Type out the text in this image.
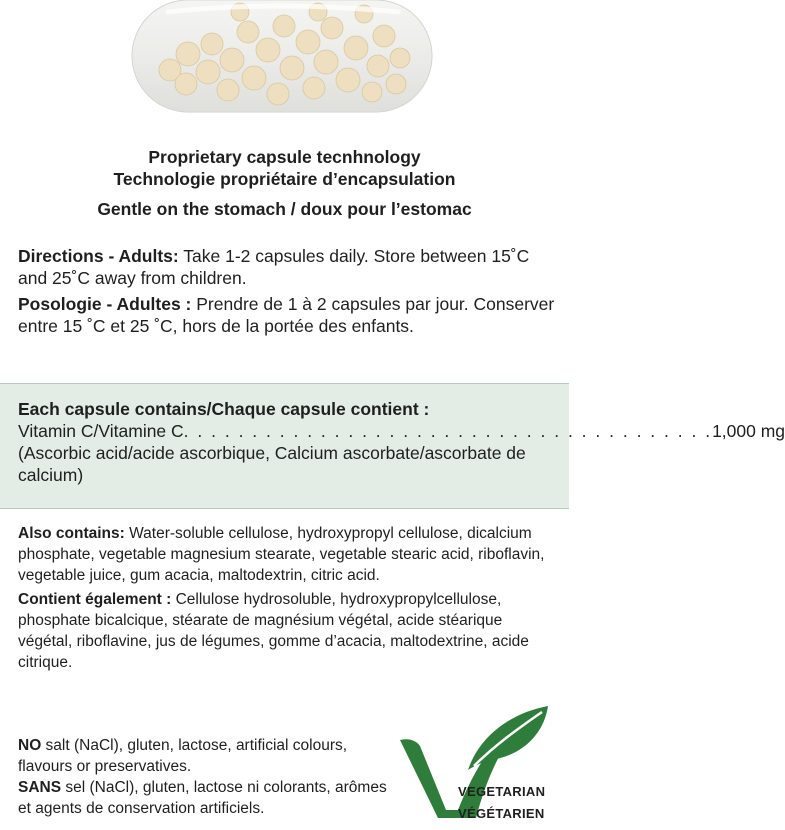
Proprietary capsule tecnhnology
Technologie propriétaire d’encapsulation
Gentle on the stomach / doux pour l’estomac

Directions - Adults: Take 1-2 capsules daily. Store between 15˚C and 25˚C away from children.

Posologie - Adultes : Prendre de 1 à 2 capsules par jour. Conserver entre 15 ˚C et 25 ˚C, hors de la portée des enfants.

Each capsule contains/Chaque capsule contient :
Vitamin C/Vitamine C . . . . . . . . . . . . . . . . . . . . . . . . . . . . . . . . . . . . . . . 1,000 mg
(Ascorbic acid/acide ascorbique, Calcium ascorbate/ascorbate de calcium)

Also contains: Water-soluble cellulose, hydroxypropyl cellulose, dicalcium phosphate, vegetable magnesium stearate, vegetable stearic acid, riboflavin, vegetable juice, gum acacia, maltodextrin, citric acid.

Contient également : Cellulose hydrosoluble, hydroxypropylcellulose, phosphate bicalcique, stéarate de magnésium végétal, acide stéarique végétal, riboflavine, jus de légumes, gomme d’acacia, maltodextrine, acide citrique.

NO salt (NaCl), gluten, lactose, artificial colours, flavours or preservatives.

SANS sel (NaCl), gluten, lactose ni colorants, arômes et agents de conservation artificiels.

VEGETARIAN
VÉGÉTARIEN
